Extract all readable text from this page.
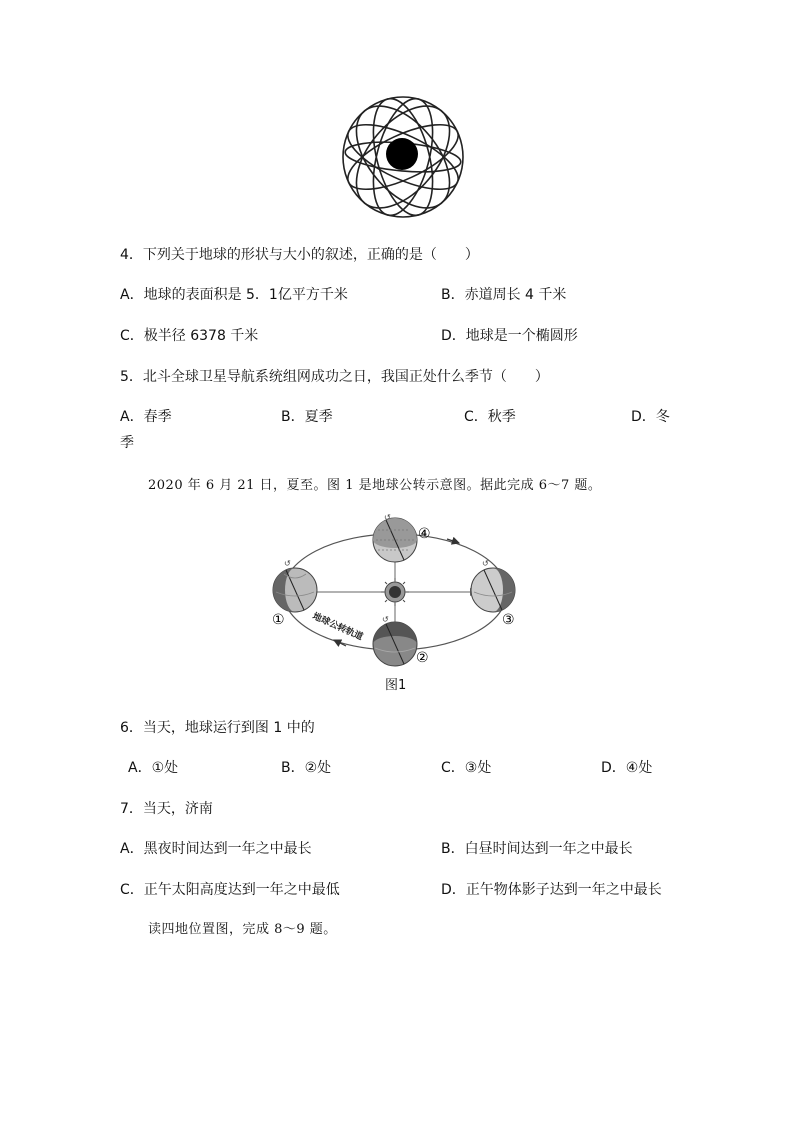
4．下列关于地球的形状与大小的叙述，正确的是（　　）
A．地球的表面积是 5．1亿平方千米	B．赤道周长 4 千米
C．极半径 6378 千米	D．地球是一个椭圆形
5．北斗全球卫星导航系统组网成功之日，我国正处什么季节（　　）
A．春季	B．夏季	C．秋季	D．冬
季
2020 年 6 月 21 日，夏至。图 1 是地球公转示意图。据此完成 6～7 题。
↺
↺
↺
↺
①
②
③
④
地球公转轨道
图1
6．当天，地球运行到图 1 中的
A．①处	B．②处	C．③处	D．④处
7．当天，济南
A．黑夜时间达到一年之中最长	B．白昼时间达到一年之中最长
C．正午太阳高度达到一年之中最低	D．正午物体影子达到一年之中最长
读四地位置图，完成 8～9 题。
